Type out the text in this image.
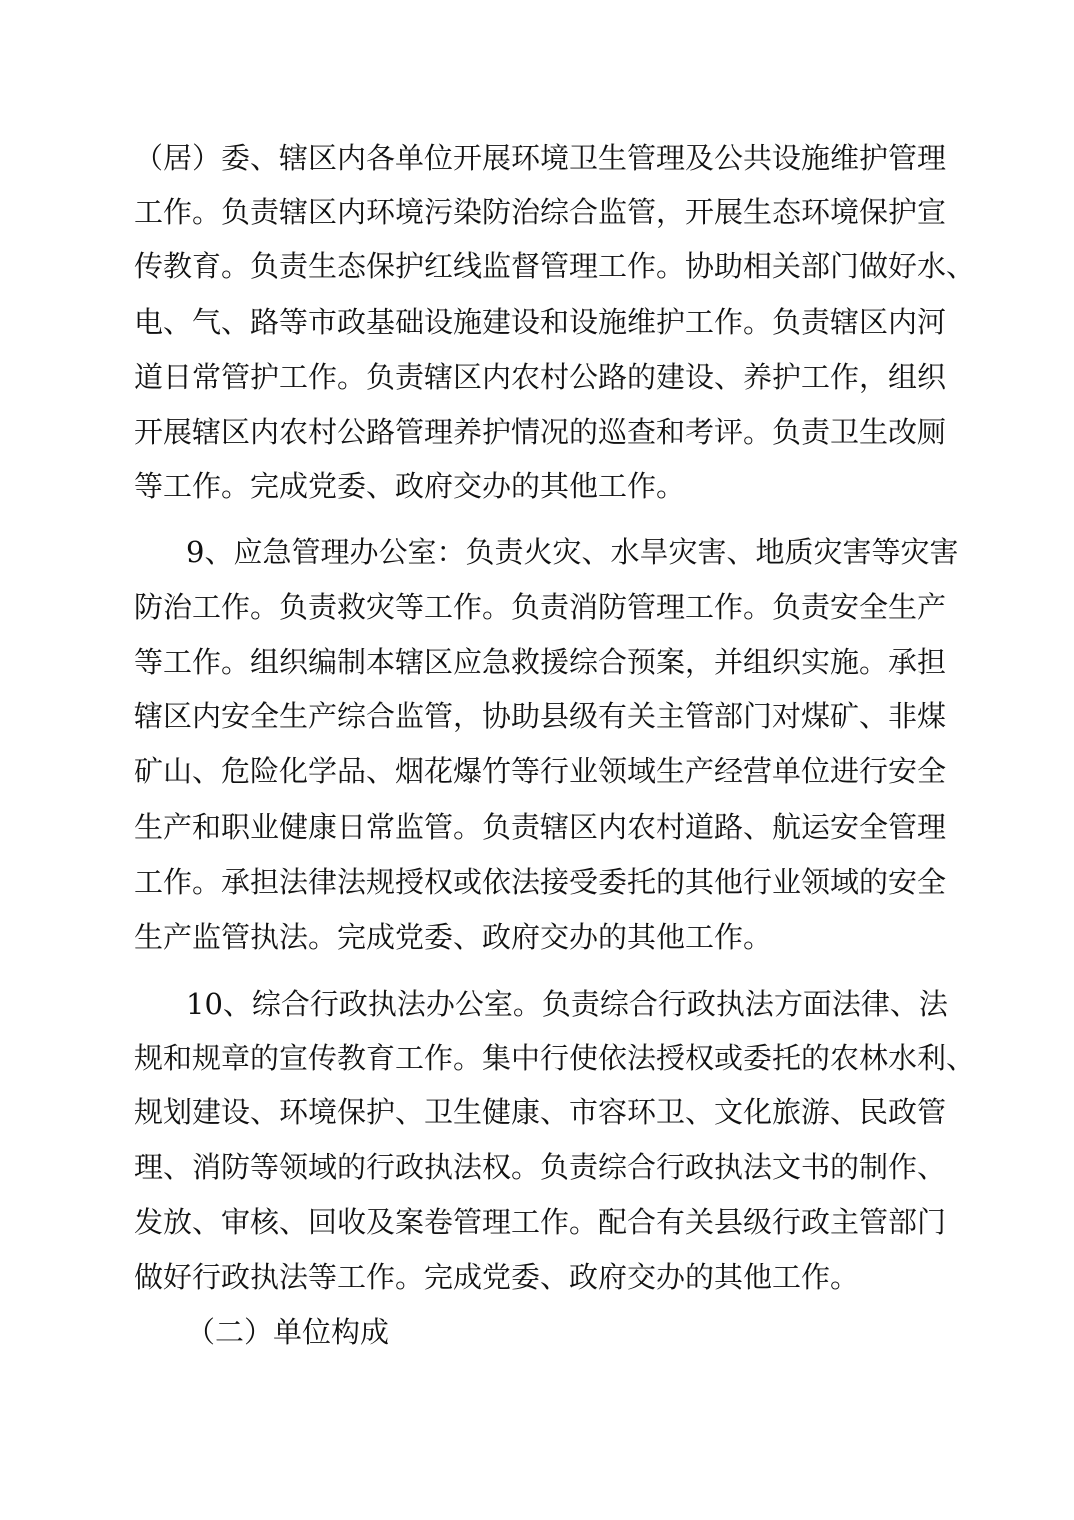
（居）委、辖区内各单位开展环境卫生管理及公共设施维护管理
工作。负责辖区内环境污染防治综合监管，开展生态环境保护宣
传教育。负责生态保护红线监督管理工作。协助相关部门做好水、
电、气、路等市政基础设施建设和设施维护工作。负责辖区内河
道日常管护工作。负责辖区内农村公路的建设、养护工作，组织
开展辖区内农村公路管理养护情况的巡查和考评。负责卫生改厕
等工作。完成党委、政府交办的其他工作。
9、应急管理办公室：负责火灾、水旱灾害、地质灾害等灾害
防治工作。负责救灾等工作。负责消防管理工作。负责安全生产
等工作。组织编制本辖区应急救援综合预案，并组织实施。承担
辖区内安全生产综合监管，协助县级有关主管部门对煤矿、非煤
矿山、危险化学品、烟花爆竹等行业领域生产经营单位进行安全
生产和职业健康日常监管。负责辖区内农村道路、航运安全管理
工作。承担法律法规授权或依法接受委托的其他行业领域的安全
生产监管执法。完成党委、政府交办的其他工作。
10、综合行政执法办公室。负责综合行政执法方面法律、法
规和规章的宣传教育工作。集中行使依法授权或委托的农林水利、
规划建设、环境保护、卫生健康、市容环卫、文化旅游、民政管
理、消防等领域的行政执法权。负责综合行政执法文书的制作、
发放、审核、回收及案卷管理工作。配合有关县级行政主管部门
做好行政执法等工作。完成党委、政府交办的其他工作。
（二）单位构成
